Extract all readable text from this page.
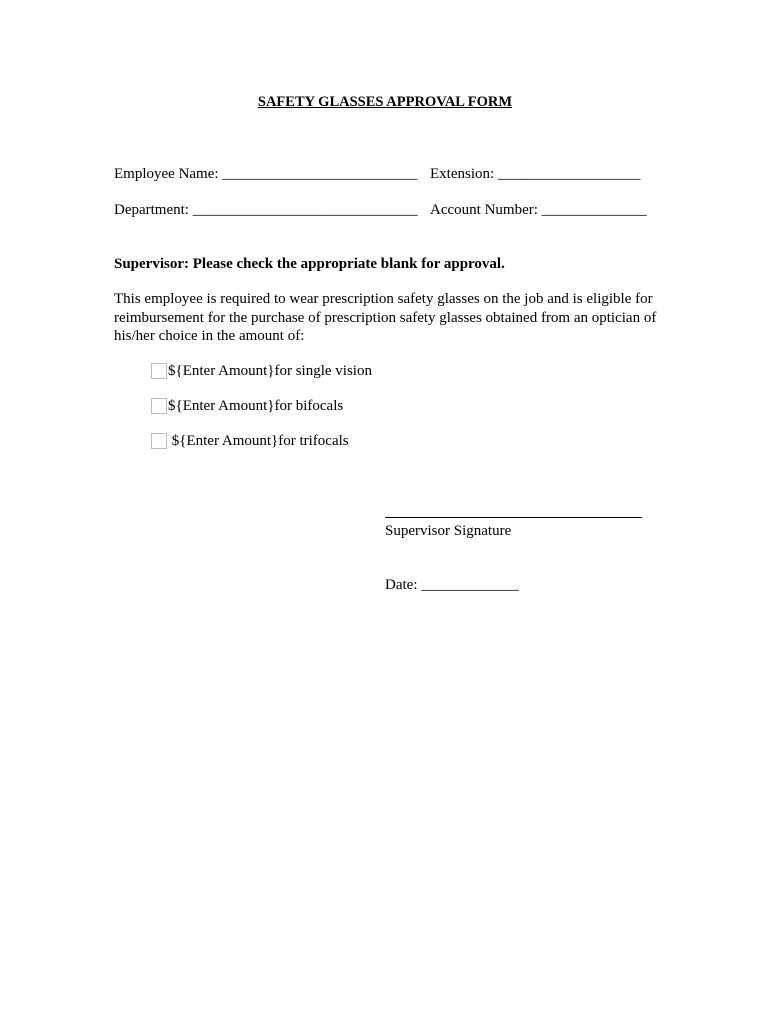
SAFETY GLASSES APPROVAL FORM
Employee Name: __________________________ Extension: ___________________
Department: ______________________________ Account Number: ______________
Supervisor: Please check the appropriate blank for approval.
This employee is required to wear prescription safety glasses on the job and is eligible for reimbursement for the purchase of prescription safety glasses obtained from an optician of his/her choice in the amount of:
${Enter Amount}for single vision
${Enter Amount}for bifocals
${Enter Amount}for trifocals
Supervisor Signature
Date: _____________
